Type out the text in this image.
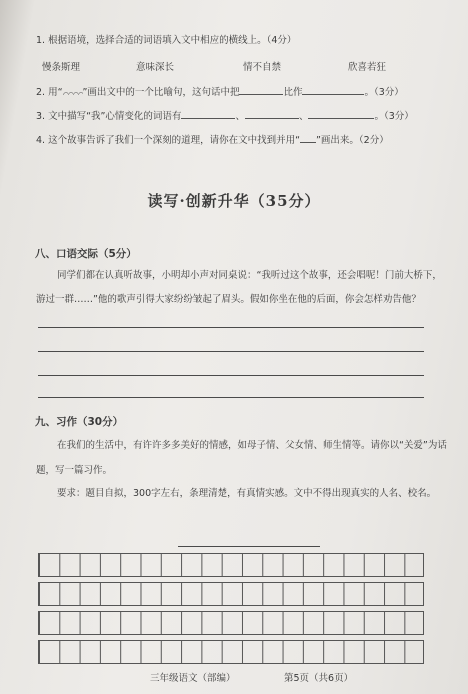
1. 根据语境，选择合适的词语填入文中相应的横线上。（4分）
慢条斯理	意味深长	情不自禁	欣喜若狂
2. 用“ ”画出文中的一个比喻句，这句话中把	比作	。（3分）
3. 文中描写“我”心情变化的词语有	、	、	。（3分）
4. 这个故事告诉了我们一个深刻的道理，请你在文中找到并用“ ”画出来。（2分）
读写·创新升华（35分）
八、口语交际（5分）
同学们都在认真听故事，小明却小声对同桌说：“我听过这个故事，还会唱呢！门前大桥下，
游过一群……”他的歌声引得大家纷纷皱起了眉头。假如你坐在他的后面，你会怎样劝告他？
九、习作（30分）
在我们的生活中，有许许多多美好的情感，如母子情、父女情、师生情等。请你以“关爱”为话
题，写一篇习作。
要求：题目自拟，300字左右，条理清楚，有真情实感。文中不得出现真实的人名、校名。
三年级语文（部编）	第5页（共6页）
